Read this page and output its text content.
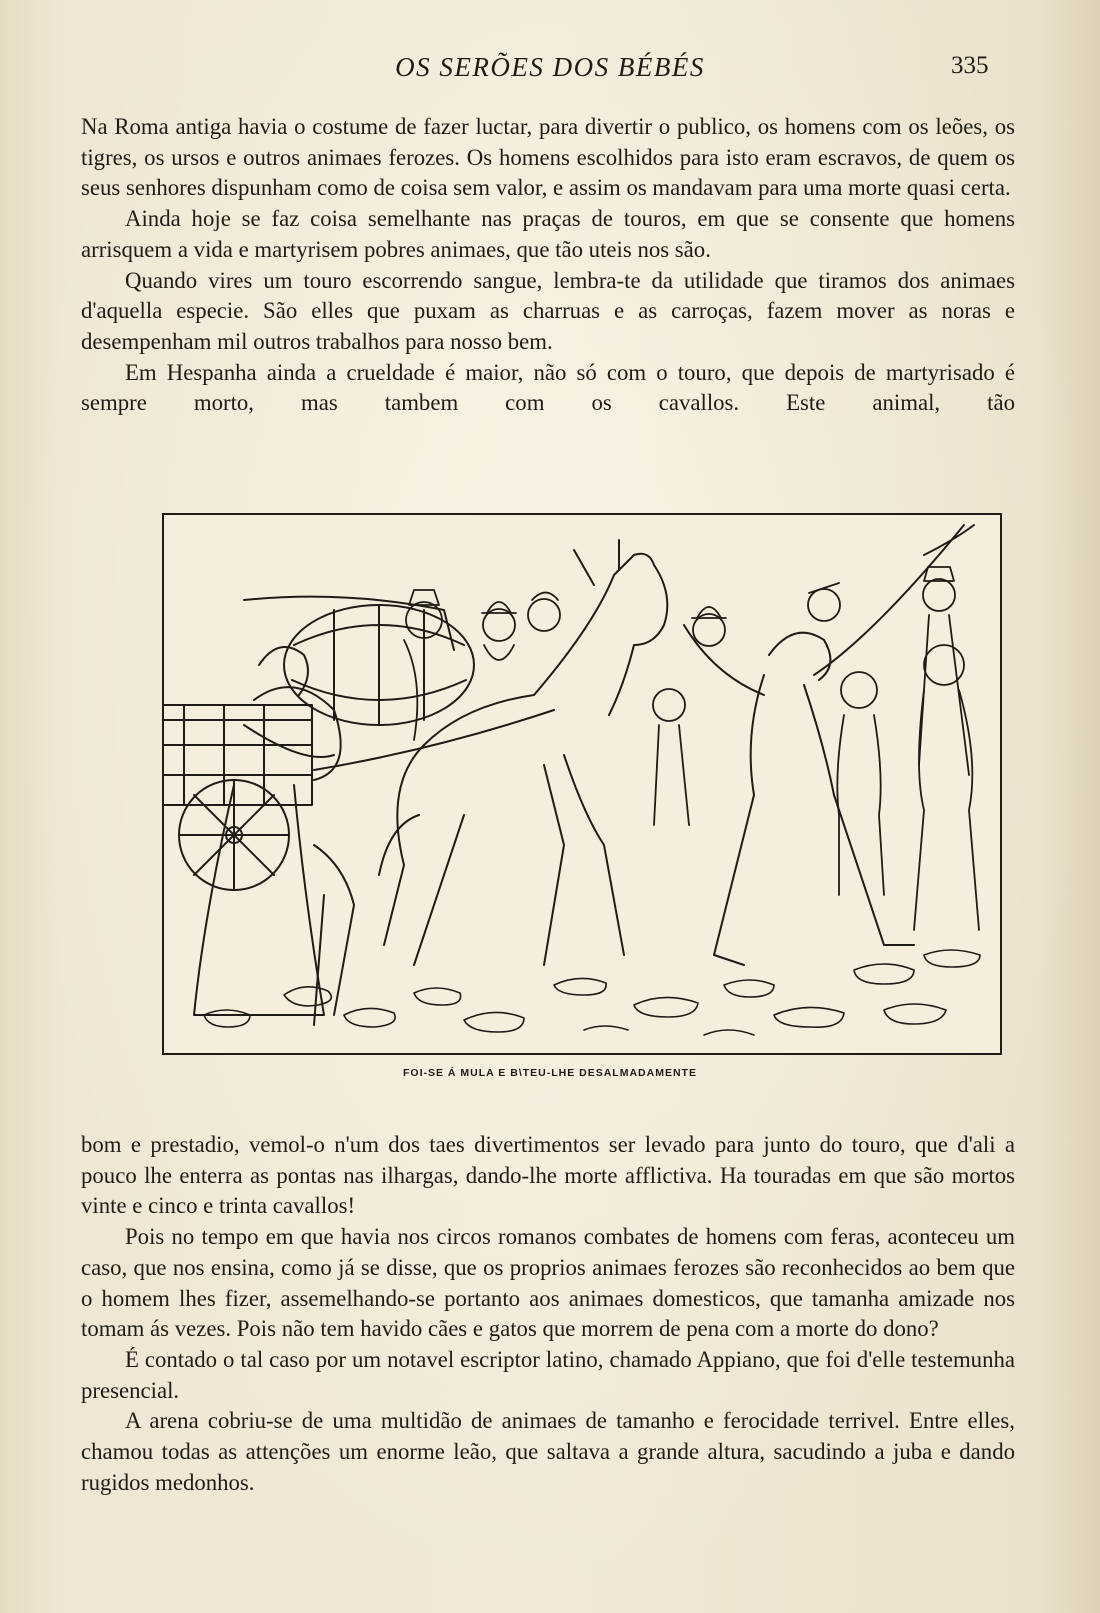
OS SERÕES DOS BÉBÉS	335

Na Roma antiga havia o costume de fazer luctar, para divertir o publico, os homens com os leões, os tigres, os ursos e outros animaes ferozes. Os homens escolhidos para isto eram escravos, de quem os seus senhores dispunham como de coisa sem valor, e assim os mandavam para uma morte quasi certa.

Ainda hoje se faz coisa semelhante nas praças de touros, em que se consente que homens arrisquem a vida e martyrisem pobres animaes, que tão uteis nos são.

Quando vires um touro escorrendo sangue, lembra-te da utilidade que tiramos dos animaes d'aquella especie. São elles que puxam as charruas e as carroças, fazem mover as noras e desempenham mil outros trabalhos para nosso bem.

Em Hespanha ainda a crueldade é maior, não só com o touro, que depois de martyrisado é sempre morto, mas tambem com os cavallos. Este animal, tão

FOI-SE Á MULA E B\TEU-LHE DESALMADAMENTE

bom e prestadio, vemol-o n'um dos taes divertimentos ser levado para junto do touro, que d'ali a pouco lhe enterra as pontas nas ilhargas, dando-lhe morte afflictiva. Ha touradas em que são mortos vinte e cinco e trinta cavallos!

Pois no tempo em que havia nos circos romanos combates de homens com feras, aconteceu um caso, que nos ensina, como já se disse, que os proprios animaes ferozes são reconhecidos ao bem que o homem lhes fizer, assemelhando-se portanto aos animaes domesticos, que tamanha amizade nos tomam ás vezes. Pois não tem havido cães e gatos que morrem de pena com a morte do dono?

É contado o tal caso por um notavel escriptor latino, chamado Appiano, que foi d'elle testemunha presencial.

A arena cobriu-se de uma multidão de animaes de tamanho e ferocidade terrivel. Entre elles, chamou todas as attenções um enorme leão, que saltava a grande altura, sacudindo a juba e dando rugidos medonhos.
